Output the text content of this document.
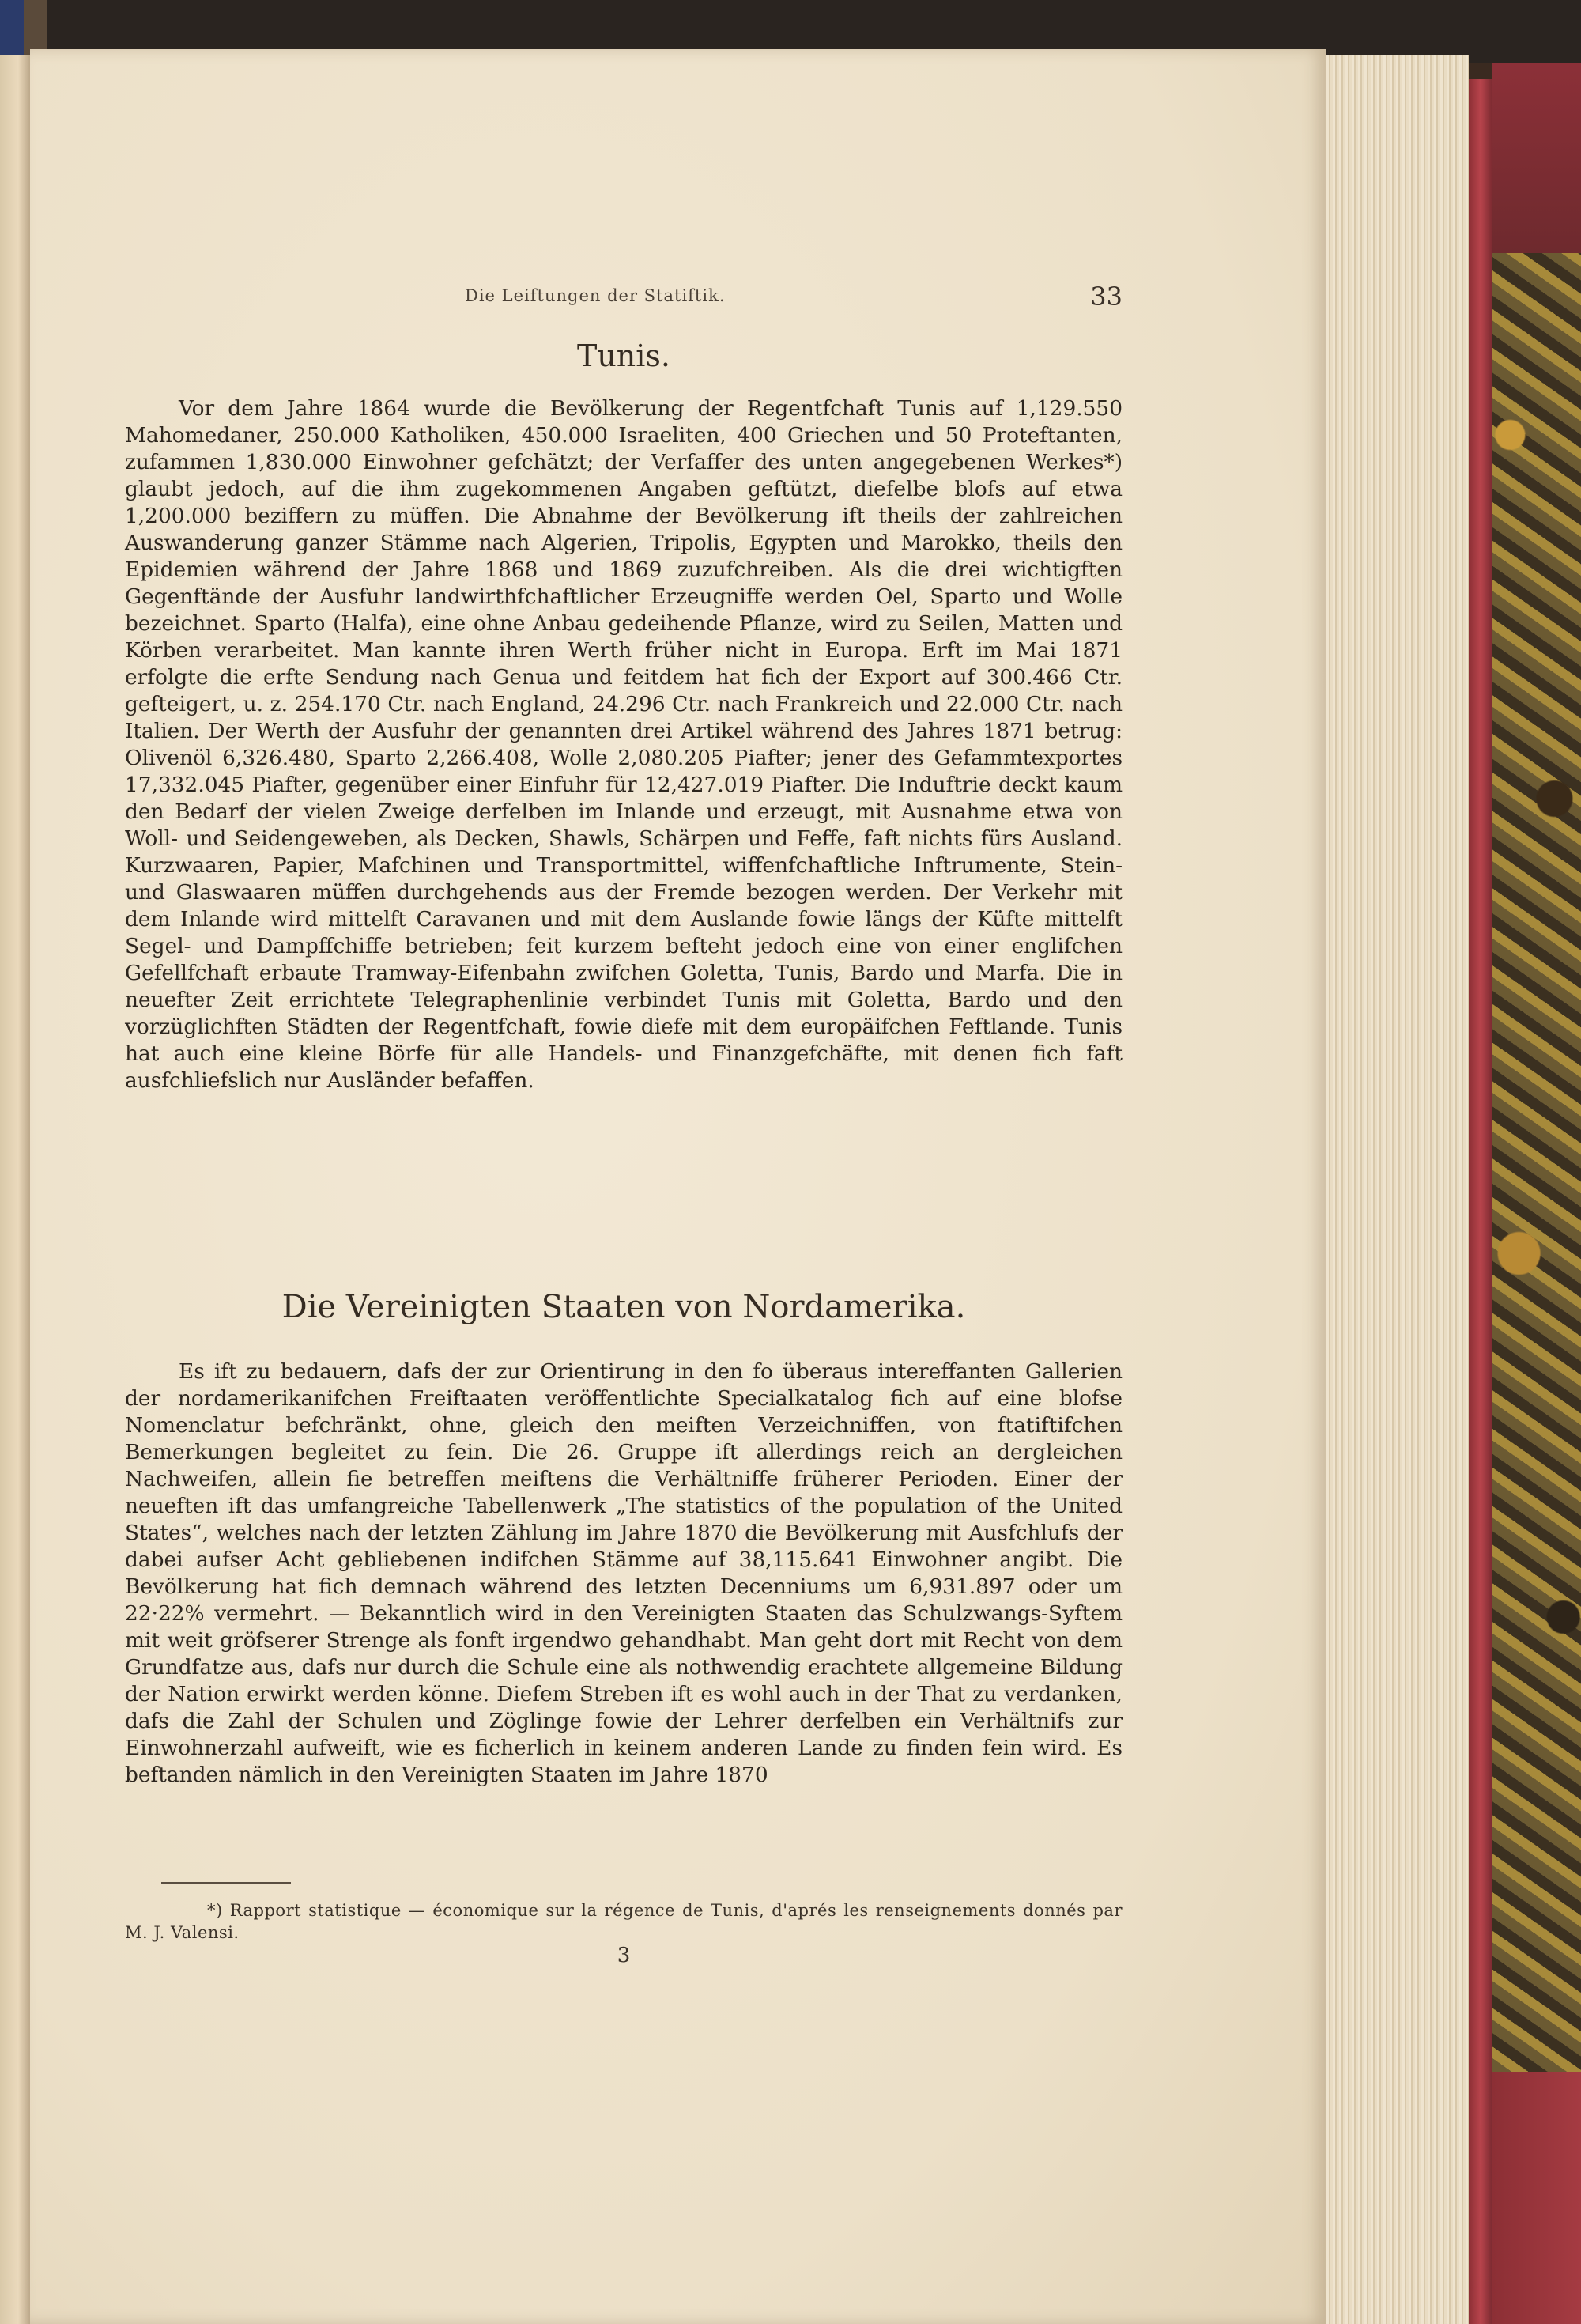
Die Leiftungen der Statiftik.	33
Tunis.

Vor dem Jahre 1864 wurde die Bevölkerung der Regentfchaft Tunis auf 1,129.550 Mahomedaner, 250.000 Katholiken, 450.000 Israeliten, 400 Griechen und 50 Proteftanten, zufammen 1,830.000 Einwohner gefchätzt; der Verfaffer des unten angegebenen Werkes*) glaubt jedoch, auf die ihm zugekommenen Angaben geftützt, diefelbe blofs auf etwa 1,200.000 beziffern zu müffen. Die Abnahme der Bevölkerung ift theils der zahlreichen Auswanderung ganzer Stämme nach Algerien, Tripolis, Egypten und Marokko, theils den Epidemien während der Jahre 1868 und 1869 zuzufchreiben. Als die drei wichtigften Gegenftände der Ausfuhr landwirthfchaftlicher Erzeugniffe werden Oel, Sparto und Wolle bezeichnet. Sparto (Halfa), eine ohne Anbau gedeihende Pflanze, wird zu Seilen, Matten und Körben verarbeitet. Man kannte ihren Werth früher nicht in Europa. Erft im Mai 1871 erfolgte die erfte Sendung nach Genua und feitdem hat fich der Export auf 300.466 Ctr. gefteigert, u. z. 254.170 Ctr. nach England, 24.296 Ctr. nach Frankreich und 22.000 Ctr. nach Italien. Der Werth der Ausfuhr der genannten drei Artikel während des Jahres 1871 betrug: Olivenöl 6,326.480, Sparto 2,266.408, Wolle 2,080.205 Piafter; jener des Gefammtexportes 17,332.045 Piafter, gegenüber einer Einfuhr für 12,427.019 Piafter. Die Induftrie deckt kaum den Bedarf der vielen Zweige derfelben im Inlande und erzeugt, mit Ausnahme etwa von Woll- und Seidengeweben, als Decken, Shawls, Schärpen und Feffe, faft nichts fürs Ausland. Kurzwaaren, Papier, Mafchinen und Transportmittel, wiffenfchaftliche Inftrumente, Stein- und Glaswaaren müffen durchgehends aus der Fremde bezogen werden. Der Verkehr mit dem Inlande wird mittelft Caravanen und mit dem Auslande fowie längs der Küfte mittelft Segel- und Dampffchiffe betrieben; feit kurzem befteht jedoch eine von einer englifchen Gefellfchaft erbaute Tramway-Eifenbahn zwifchen Goletta, Tunis, Bardo und Marfa. Die in neuefter Zeit errichtete Telegraphenlinie verbindet Tunis mit Goletta, Bardo und den vorzüglichften Städten der Regentfchaft, fowie diefe mit dem europäifchen Feftlande. Tunis hat auch eine kleine Börfe für alle Handels- und Finanzgefchäfte, mit denen fich faft ausfchliefslich nur Ausländer befaffen.

Die Vereinigten Staaten von Nordamerika.

Es ift zu bedauern, dafs der zur Orientirung in den fo überaus intereffanten Gallerien der nordamerikanifchen Freiftaaten veröffentlichte Specialkatalog fich auf eine blofse Nomenclatur befchränkt, ohne, gleich den meiften Verzeichniffen, von ftatiftifchen Bemerkungen begleitet zu fein. Die 26. Gruppe ift allerdings reich an dergleichen Nachweifen, allein fie betreffen meiftens die Verhältniffe früherer Perioden. Einer der neueften ift das umfangreiche Tabellenwerk „The statistics of the population of the United States“, welches nach der letzten Zählung im Jahre 1870 die Bevölkerung mit Ausfchlufs der dabei aufser Acht gebliebenen indifchen Stämme auf 38,115.641 Einwohner angibt. Die Bevölkerung hat fich demnach während des letzten Decenniums um 6,931.897 oder um 22·22% vermehrt. — Bekanntlich wird in den Vereinigten Staaten das Schulzwangs-Syftem mit weit gröfserer Strenge als fonft irgendwo gehandhabt. Man geht dort mit Recht von dem Grundfatze aus, dafs nur durch die Schule eine als nothwendig erachtete allgemeine Bildung der Nation erwirkt werden könne. Diefem Streben ift es wohl auch in der That zu verdanken, dafs die Zahl der Schulen und Zöglinge fowie der Lehrer derfelben ein Verhältnifs zur Einwohnerzahl aufweift, wie es ficherlich in keinem anderen Lande zu finden fein wird. Es beftanden nämlich in den Vereinigten Staaten im Jahre 1870

*) Rapport statistique — économique sur la régence de Tunis, d'aprés les renseignements donnés par M. J. Valensi.

3
